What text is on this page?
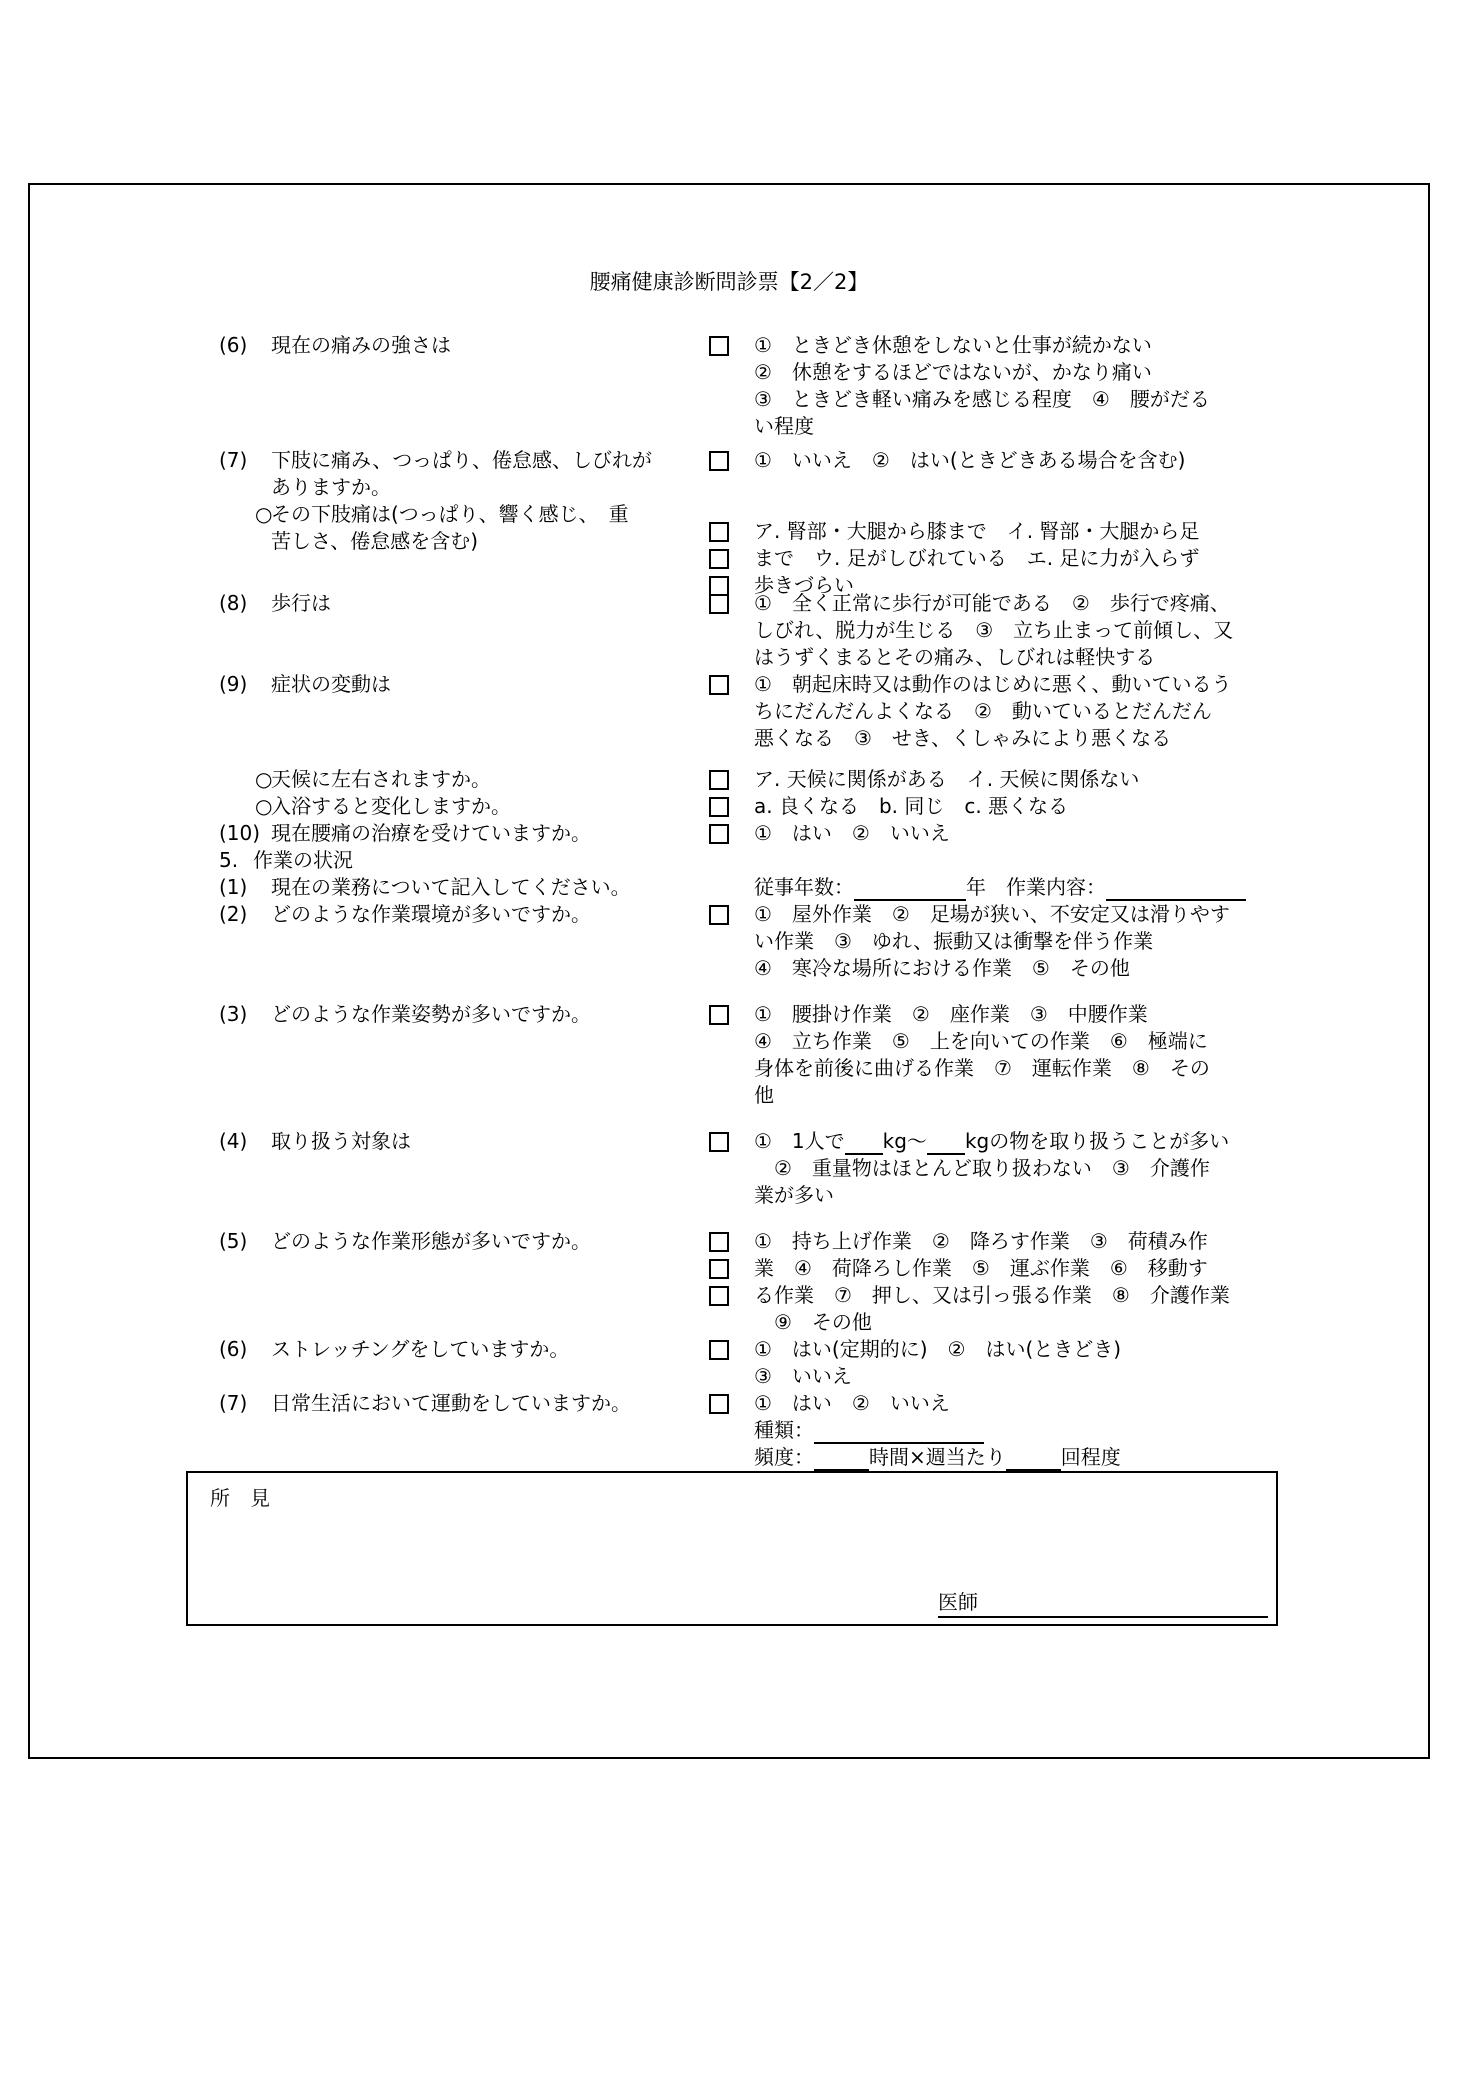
腰痛健康診断問診票【2／2】
(6)	現在の痛みの強さは	①　ときどき休憩をしないと仕事が続かない
②　休憩をするほどではないが、かなり痛い
③　ときどき軽い痛みを感じる程度　④　腰がだる
い程度
(7)	下肢に痛み、つっぱり、倦怠感、しびれが
ありますか。
①　いいえ　②　はい(ときどきある場合を含む)
○
その下肢痛は(つっぱり、響く感じ、　重
苦しさ、倦怠感を含む)	ア. 腎部・大腿から膝まで　イ. 腎部・大腿から足
まで　ウ. 足がしびれている　エ. 足に力が入らず
歩きづらい
(8)	歩行は	①　全く正常に歩行が可能である　②　歩行で疼痛、
しびれ、脱力が生じる　③　立ち止まって前傾し、又
はうずくまるとその痛み、しびれは軽快する
(9)	症状の変動は	①　朝起床時又は動作のはじめに悪く、動いているう
ちにだんだんよくなる　②　動いているとだんだん
悪くなる　③　せき、くしゃみにより悪くなる
○
天候に左右されますか。	ア. 天候に関係がある　イ. 天候に関係ない
○
入浴すると変化しますか。	a. 良くなる　b. 同じ　c. 悪くなる
(10) 現在腰痛の治療を受けていますか。	①　はい　②　いいえ
5. 作業の状況
(1)	現在の業務について記入してください。	従事年数：	年　作業内容：
(2)	どのような作業環境が多いですか。	①　屋外作業　②　足場が狭い、不安定又は滑りやす
い作業　③　ゆれ、振動又は衝撃を伴う作業
④　寒冷な場所における作業　⑤　その他
(3)	どのような作業姿勢が多いですか。	①　腰掛け作業　②　座作業　③　中腰作業
④　立ち作業　⑤　上を向いての作業　⑥　極端に
身体を前後に曲げる作業　⑦　運転作業　⑧　その
他
(4)	取り扱う対象は	①　1人で kg〜 kgの物を取り扱うことが多い
　②　重量物はほとんど取り扱わない　③　介護作
業が多い
(5)	どのような作業形態が多いですか。	①　持ち上げ作業　②　降ろす作業　③　荷積み作
業　④　荷降ろし作業　⑤　運ぶ作業　⑥　移動す
る作業　⑦　押し、又は引っ張る作業　⑧　介護作業
　⑨　その他
(6)	ストレッチングをしていますか。	①　はい(定期的に)　②　はい(ときどき)
③　いいえ
(7)	日常生活において運動をしていますか。	①　はい　②　いいえ
種類：
頻度：	時間×週当たり	回程度
所　見
医師
